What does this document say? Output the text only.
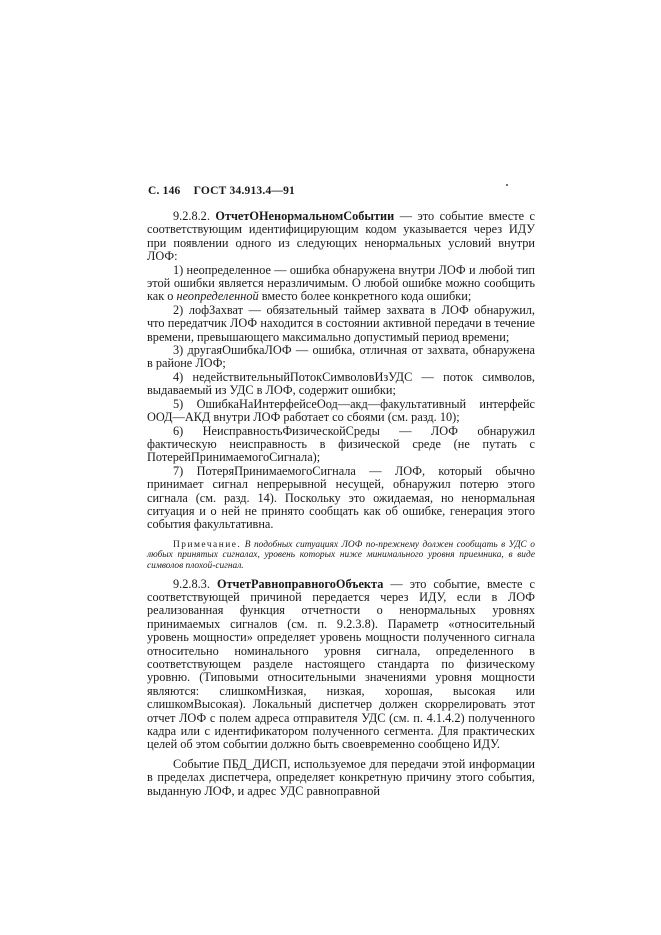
С. 146 ГОСТ 34.913.4—91

9.2.8.2. ОтчетОНенормальномСобытии — это событие вместе с соответствующим идентифицирующим кодом указывается через ИДУ при появлении одного из следующих ненормальных условий внутри ЛОФ:

1) неопределенное — ошибка обнаружена внутри ЛОФ и любой тип этой ошибки является неразличимым. О любой ошибке можно сообщить как о неопределенной вместо более конкретного кода ошибки;

2) лофЗахват — обязательный таймер захвата в ЛОФ обнаружил, что передатчик ЛОФ находится в состоянии активной передачи в течение времени, превышающего максимально допустимый период времени;

3) другаяОшибкаЛОФ — ошибка, отличная от захвата, обнаружена в районе ЛОФ;

4) недействительныйПотокСимволовИзУДС — поток символов, выдаваемый из УДС в ЛОФ, содержит ошибки;

5) ОшибкаНаИнтерфейсеОод—акд—факультативный интерфейс ООД—АКД внутри ЛОФ работает со сбоями (см. разд. 10);

6) НеисправностьФизическойСреды — ЛОФ обнаружил фактическую неисправность в физической среде (не путать с ПотерейПринимаемогоСигнала);

7) ПотеряПринимаемогоСигнала — ЛОФ, который обычно принимает сигнал непрерывной несущей, обнаружил потерю этого сигнала (см. разд. 14). Поскольку это ожидаемая, но ненормальная ситуация и о ней не принято сообщать как об ошибке, генерация этого события факультативна.

Примечание. В подобных ситуациях ЛОФ по-прежнему должен сообщать в УДС о любых принятых сигналах, уровень которых ниже минимального уровня приемника, в виде символов плохой-сигнал.

9.2.8.3. ОтчетРавноправногоОбъекта — это событие, вместе с соответствующей причиной передается через ИДУ, если в ЛОФ реализованная функция отчетности о ненормальных уровнях принимаемых сигналов (см. п. 9.2.3.8). Параметр «относительный уровень мощности» определяет уровень мощности полученного сигнала относительно номинального уровня сигнала, определенного в соответствующем разделе настоящего стандарта по физическому уровню. (Типовыми относительными значениями уровня мощности являются: слишкомНизкая, низкая, хорошая, высокая или слишкомВысокая). Локальный диспетчер должен скоррелировать этот отчет ЛОФ с полем адреса отправителя УДС (см. п. 4.1.4.2) полученного кадра или с идентификатором полученного сегмента. Для практических целей об этом событии должно быть своевременно сообщено ИДУ.

Событие ПБД_ДИСП, используемое для передачи этой информации в пределах диспетчера, определяет конкретную причину этого события, выданную ЛОФ, и адрес УДС равноправной
